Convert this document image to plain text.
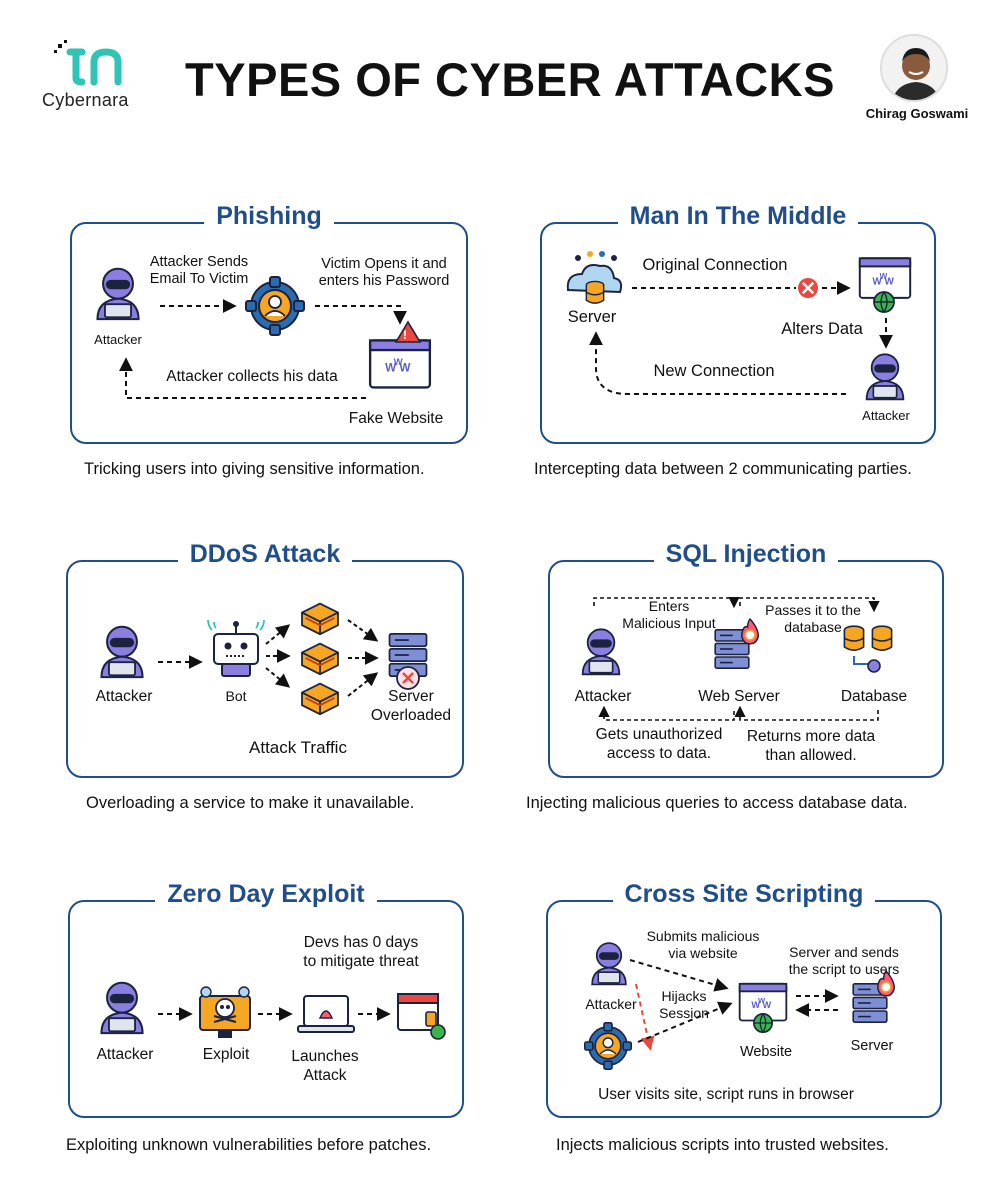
Cybernara	TYPES OF CYBER ATTACKS
Chirag Goswami
Phishing
!
Attacker
Attacker Sends
Email To Victim
Victim Opens it and
enters his Password
Attacker collects his data
Fake Website
Tricking users into giving sensitive information.
Man In The Middle
Server
Original Connection
Alters Data
New Connection
Attacker
Intercepting data between 2 communicating parties.
DDoS Attack
Attacker	Bot	Server
Overloaded
Attack Traffic
Overloading a service to make it unavailable.
SQL Injection
Enters
Malicious Input
Passes it to the
database
Attacker	Web Server	Database
Gets unauthorized
access to data.
Returns more data
than allowed.
Injecting malicious queries to access database data.
Zero Day Exploit
Devs has 0 days
to mitigate threat
Attacker	Exploit	Launches
Attack
Exploiting unknown vulnerabilities before patches.
Cross Site Scripting
Submits malicious
via website	Server and sends
the script to users
Attacker	Hijacks
Session
Website	Server
User visits site, script runs in browser
Injects malicious scripts into trusted websites.
